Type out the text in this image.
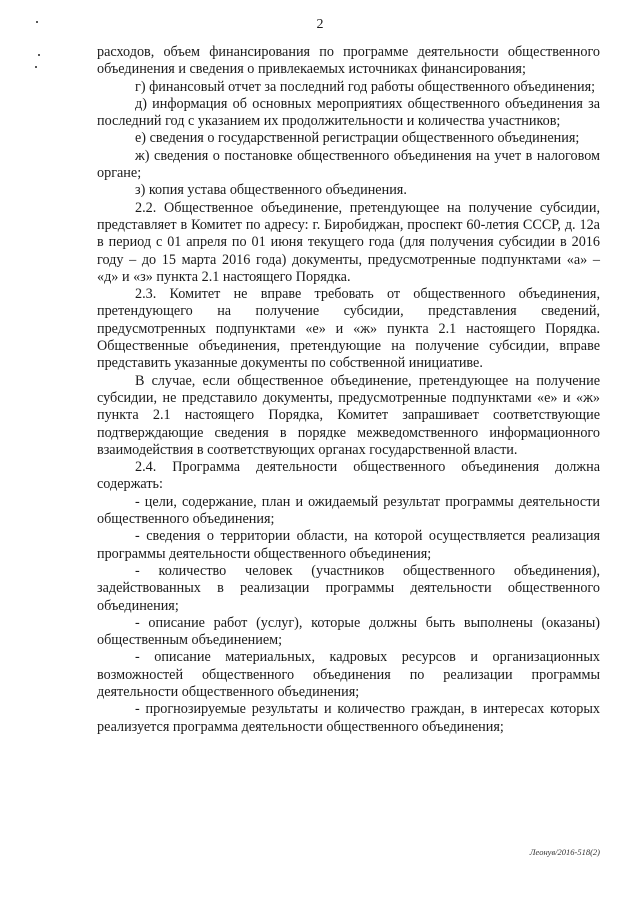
2

расходов, объем финансирования по программе деятельности общественного объединения и сведения о привлекаемых источниках финансирования;

г) финансовый отчет за последний год работы общественного объединения;

д) информация об основных мероприятиях общественного объединения за последний год с указанием их продолжительности и количества участников;

е) сведения о государственной регистрации общественного объединения;

ж) сведения о постановке общественного объединения на учет в налоговом органе;

з) копия устава общественного объединения.

2.2. Общественное объединение, претендующее на получение субсидии, представляет в Комитет по адресу: г. Биробиджан, проспект 60-летия СССР, д. 12а в период с 01 апреля по 01 июня текущего года (для получения субсидии в 2016 году – до 15 марта 2016 года) документы, предусмотренные подпунктами «а» – «д» и «з» пункта 2.1 настоящего Порядка.

2.3. Комитет не вправе требовать от общественного объединения, претендующего на получение субсидии, представления сведений, предусмотренных подпунктами «е» и «ж» пункта 2.1 настоящего Порядка. Общественные объединения, претендующие на получение субсидии, вправе представить указанные документы по собственной инициативе.

В случае, если общественное объединение, претендующее на получение субсидии, не представило документы, предусмотренные подпунктами «е» и «ж» пункта 2.1 настоящего Порядка, Комитет запрашивает соответствующие подтверждающие сведения в порядке межведомственного информационного взаимодействия в соответствующих органах государственной власти.

2.4. Программа деятельности общественного объединения должна содержать:

- цели, содержание, план и ожидаемый результат программы деятельности общественного объединения;

- сведения о территории области, на которой осуществляется реализация программы деятельности общественного объединения;

- количество человек (участников общественного объединения), задействованных в реализации программы деятельности общественного объединения;

- описание работ (услуг), которые должны быть выполнены (оказаны) общественным объединением;

- описание материальных, кадровых ресурсов и организационных возможностей общественного объединения по реализации программы деятельности общественного объединения;

- прогнозируемые результаты и количество граждан, в интересах которых реализуется программа деятельности общественного объединения;

Леонув/2016-518(2)
